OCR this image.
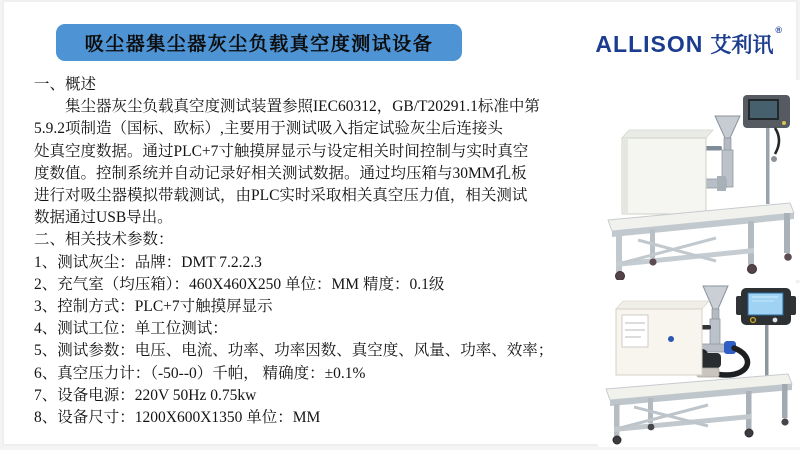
吸尘器集尘器灰尘负载真空度测试设备	ALLISON 艾利讯
®
一、概述
集尘器灰尘负载真空度测试装置参照IEC60312，GB/T20291.1标准中第
5.9.2项制造（国标、欧标）,主要用于测试吸入指定试验灰尘后连接头
处真空度数据。通过PLC+7寸触摸屏显示与设定相关时间控制与实时真空
度数值。控制系统并自动记录好相关测试数据。通过均压箱与30MM孔板
进行对吸尘器模拟带载测试，由PLC实时采取相关真空压力值，相关测试
数据通过USB导出。
二、相关技术参数：
1、测试灰尘：品牌：DMT 7.2.2.3
2、充气室（均压箱）：460X460X250 单位：MM 精度：0.1级
3、控制方式：PLC+7寸触摸屏显示
4、测试工位：单工位测试：
5、测试参数：电压、电流、功率、功率因数、真空度、风量、功率、效率；
6、真空压力计：（-50--0）千帕， 精确度：±0.1%
7、设备电源：220V 50Hz 0.75kw
8、设备尺寸：1200X600X1350 单位：MM
